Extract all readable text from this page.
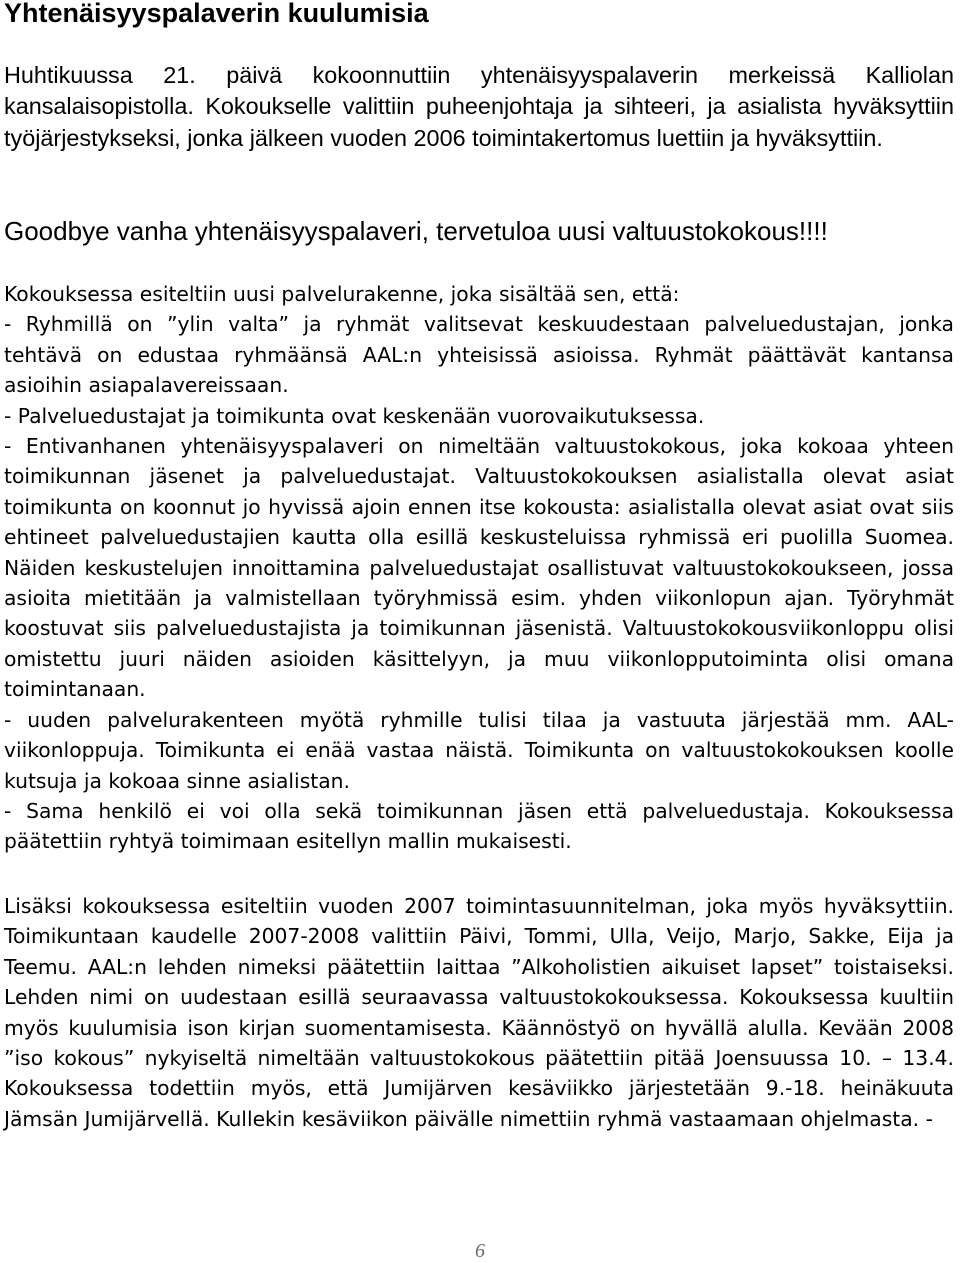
Yhtenäisyyspalaverin kuulumisia

Huhtikuussa 21. päivä kokoonnuttiin yhtenäisyyspalaverin merkeissä Kalliolan kansalaisopistolla. Kokoukselle valittiin puheenjohtaja ja sihteeri, ja asialista hyväksyttiin työjärjestykseksi, jonka jälkeen vuoden 2006 toimintakertomus luettiin ja hyväksyttiin.

Goodbye vanha yhtenäisyyspalaveri, tervetuloa uusi valtuustokokous!!!!

Kokouksessa esiteltiin uusi palvelurakenne, joka sisältää sen, että:
- Ryhmillä on ”ylin valta” ja ryhmät valitsevat keskuudestaan palveluedustajan, jonka tehtävä on edustaa ryhmäänsä AAL:n yhteisissä asioissa. Ryhmät päättävät kantansa asioihin asiapalavereissaan.
- Palveluedustajat ja toimikunta ovat keskenään vuorovaikutuksessa.
- Entivanhanen yhtenäisyyspalaveri on nimeltään valtuustokokous, joka kokoaa yhteen toimikunnan jäsenet ja palveluedustajat. Valtuustokokouksen asialistalla olevat asiat toimikunta on koonnut jo hyvissä ajoin ennen itse kokousta: asialistalla olevat asiat ovat siis ehtineet palveluedustajien kautta olla esillä keskusteluissa ryhmissä eri puolilla Suomea. Näiden keskustelujen innoittamina palveluedustajat osallistuvat valtuustokokoukseen, jossa asioita mietitään ja valmistellaan työryhmissä esim. yhden viikonlopun ajan. Työryhmät koostuvat siis palveluedustajista ja toimikunnan jäsenistä. Valtuustokokousviikonloppu olisi omistettu juuri näiden asioiden käsittelyyn, ja muu viikonlopputoiminta olisi omana toimintanaan.
- uuden palvelurakenteen myötä ryhmille tulisi tilaa ja vastuuta järjestää mm. AAL-viikonloppuja. Toimikunta ei enää vastaa näistä. Toimikunta on valtuustokokouksen koolle kutsuja ja kokoaa sinne asialistan.
- Sama henkilö ei voi olla sekä toimikunnan jäsen että palveluedustaja. Kokouksessa päätettiin ryhtyä toimimaan esitellyn mallin mukaisesti.

Lisäksi kokouksessa esiteltiin vuoden 2007 toimintasuunnitelman, joka myös hyväksyttiin. Toimikuntaan kaudelle 2007-2008 valittiin Päivi, Tommi, Ulla, Veijo, Marjo, Sakke, Eija ja Teemu. AAL:n lehden nimeksi päätettiin laittaa ”Alkoholistien aikuiset lapset” toistaiseksi. Lehden nimi on uudestaan esillä seuraavassa valtuustokokouksessa. Kokouksessa kuultiin myös kuulumisia ison kirjan suomentamisesta. Käännöstyö on hyvällä alulla. Kevään 2008 ”iso kokous” nykyiseltä nimeltään valtuustokokous päätettiin pitää Joensuussa 10. – 13.4. Kokouksessa todettiin myös, että Jumijärven kesäviikko järjestetään 9.-18. heinäkuuta Jämsän Jumijärvellä. Kullekin kesäviikon päivälle nimettiin ryhmä vastaamaan ohjelmasta. -

6
